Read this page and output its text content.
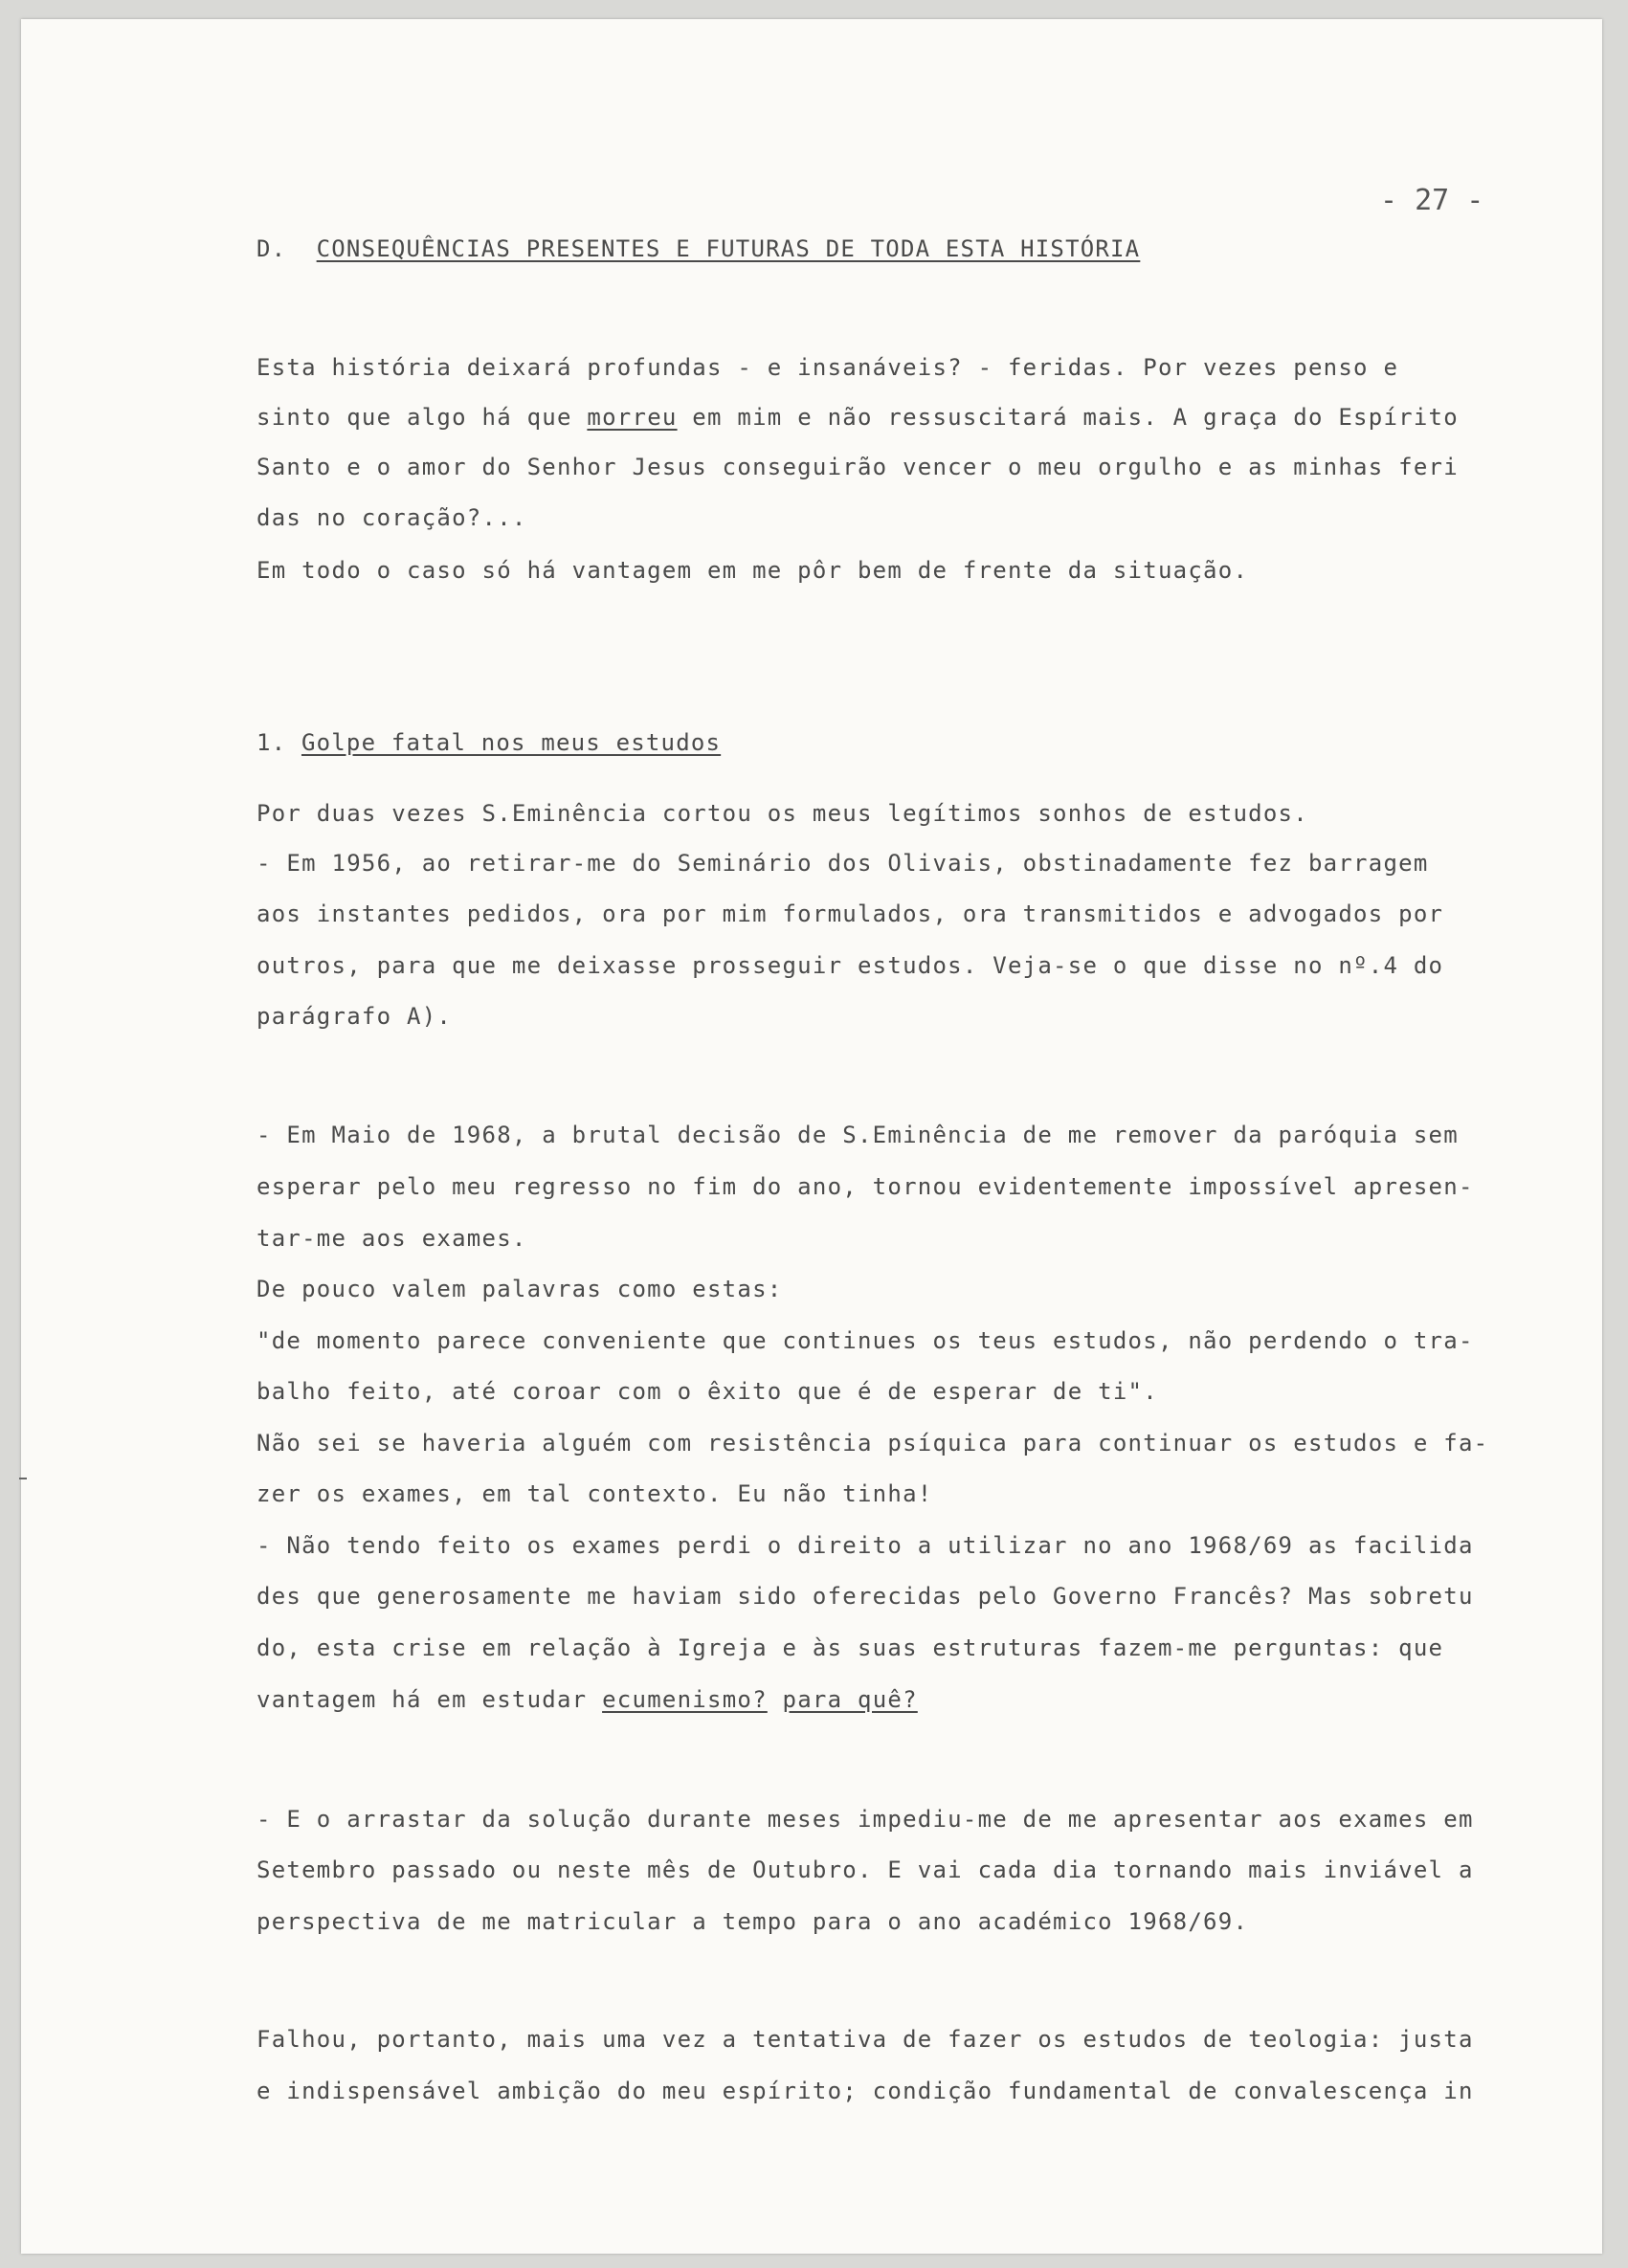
- 27 -
D. CONSEQUÊNCIAS PRESENTES E FUTURAS DE TODA ESTA HISTÓRIA
Esta história deixará profundas - e insanáveis? - feridas. Por vezes penso e
sinto que algo há que morreu em mim e não ressuscitará mais. A graça do Espírito
Santo e o amor do Senhor Jesus conseguirão vencer o meu orgulho e as minhas feri
das no coração?...
Em todo o caso só há vantagem em me pôr bem de frente da situação.
1. Golpe fatal nos meus estudos
Por duas vezes S.Eminência cortou os meus legítimos sonhos de estudos.
- Em 1956, ao retirar-me do Seminário dos Olivais, obstinadamente fez barragem
aos instantes pedidos, ora por mim formulados, ora transmitidos e advogados por
outros, para que me deixasse prosseguir estudos. Veja-se o que disse no nº.4 do
parágrafo A).
- Em Maio de 1968, a brutal decisão de S.Eminência de me remover da paróquia sem
esperar pelo meu regresso no fim do ano, tornou evidentemente impossível apresen-
tar-me aos exames.
De pouco valem palavras como estas:
"de momento parece conveniente que continues os teus estudos, não perdendo o tra-
balho feito, até coroar com o êxito que é de esperar de ti".
Não sei se haveria alguém com resistência psíquica para continuar os estudos e fa-
zer os exames, em tal contexto. Eu não tinha!
- Não tendo feito os exames perdi o direito a utilizar no ano 1968/69 as facilida
des que generosamente me haviam sido oferecidas pelo Governo Francês? Mas sobretu
do, esta crise em relação à Igreja e às suas estruturas fazem-me perguntas: que
vantagem há em estudar ecumenismo? para quê?
- E o arrastar da solução durante meses impediu-me de me apresentar aos exames em
Setembro passado ou neste mês de Outubro. E vai cada dia tornando mais inviável a
perspectiva de me matricular a tempo para o ano académico 1968/69.
Falhou, portanto, mais uma vez a tentativa de fazer os estudos de teologia: justa
e indispensável ambição do meu espírito; condição fundamental de convalescença in
